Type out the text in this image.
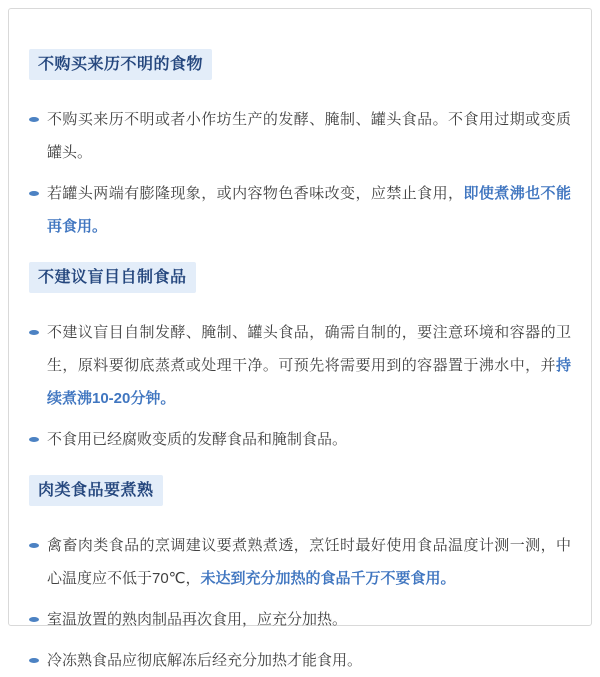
不购买来历不明的食物

不购买来历不明或者小作坊生产的发酵、腌制、罐头食品。不食用过期或变质罐头。

若罐头两端有膨隆现象，或内容物色香味改变，应禁止食用，即使煮沸也不能再食用。

不建议盲目自制食品

不建议盲目自制发酵、腌制、罐头食品，确需自制的，要注意环境和容器的卫生，原料要彻底蒸煮或处理干净。可预先将需要用到的容器置于沸水中，并持续煮沸10-20分钟。

不食用已经腐败变质的发酵食品和腌制食品。

肉类食品要煮熟

禽畜肉类食品的烹调建议要煮熟煮透，烹饪时最好使用食品温度计测一测，中心温度应不低于70℃，未达到充分加热的食品千万不要食用。

室温放置的熟肉制品再次食用，应充分加热。

冷冻熟食品应彻底解冻后经充分加热才能食用。
